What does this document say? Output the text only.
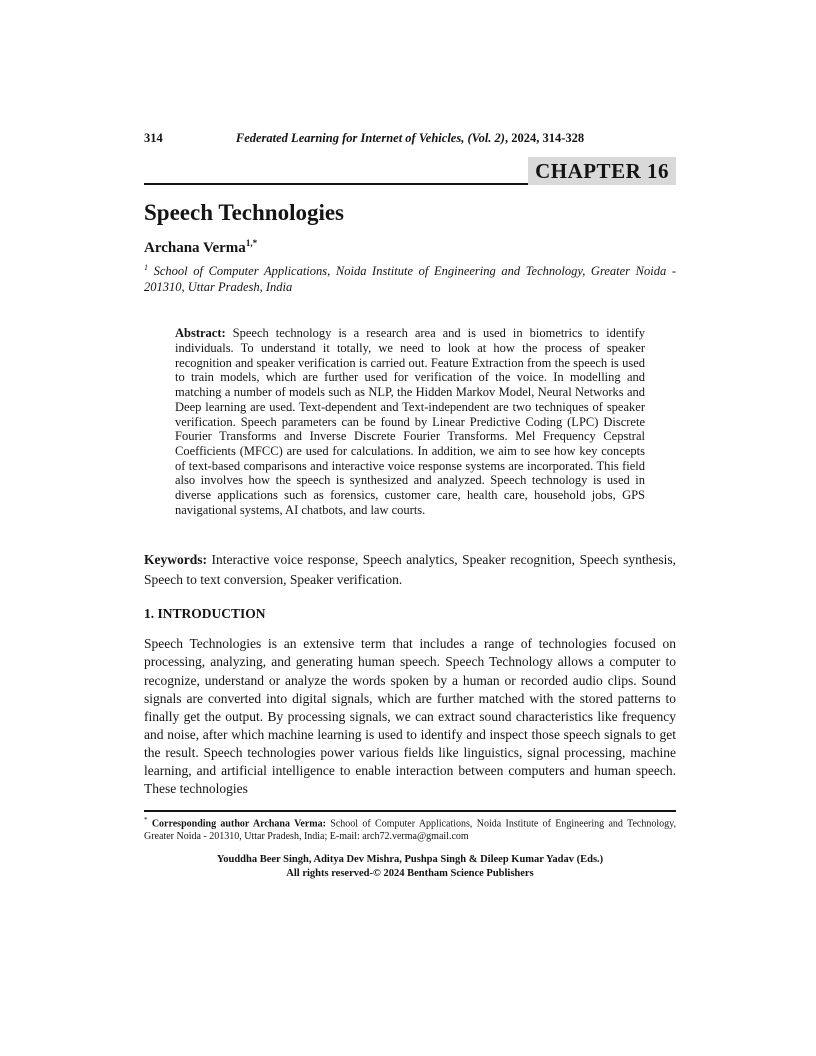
314	Federated Learning for Internet of Vehicles, (Vol. 2), 2024, 314-328
CHAPTER 16
Speech Technologies
Archana Verma$^{1,*}$
$^1$ School of Computer Applications, Noida Institute of Engineering and Technology, Greater Noida - 201310, Uttar Pradesh, India

Abstract: Speech technology is a research area and is used in biometrics to identify individuals. To understand it totally, we need to look at how the process of speaker recognition and speaker verification is carried out. Feature Extraction from the speech is used to train models, which are further used for verification of the voice. In modelling and matching a number of models such as NLP, the Hidden Markov Model, Neural Networks and Deep learning are used. Text-dependent and Text-independent are two techniques of speaker verification. Speech parameters can be found by Linear Predictive Coding (LPC) Discrete Fourier Transforms and Inverse Discrete Fourier Transforms. Mel Frequency Cepstral Coefficients (MFCC) are used for calculations. In addition, we aim to see how key concepts of text-based comparisons and interactive voice response systems are incorporated. This field also involves how the speech is synthesized and analyzed. Speech technology is used in diverse applications such as forensics, customer care, health care, household jobs, GPS navigational systems, AI chatbots, and law courts.

Keywords: Interactive voice response, Speech analytics, Speaker recognition, Speech synthesis, Speech to text conversion, Speaker verification.

1. INTRODUCTION

Speech Technologies is an extensive term that includes a range of technologies focused on processing, analyzing, and generating human speech. Speech Technology allows a computer to recognize, understand or analyze the words spoken by a human or recorded audio clips. Sound signals are converted into digital signals, which are further matched with the stored patterns to finally get the output. By processing signals, we can extract sound characteristics like frequency and noise, after which machine learning is used to identify and inspect those speech signals to get the result. Speech technologies power various fields like linguistics, signal processing, machine learning, and artificial intelligence to enable interaction between computers and human speech. These technologies

* Corresponding author Archana Verma: School of Computer Applications, Noida Institute of Engineering and Technology, Greater Noida - 201310, Uttar Pradesh, India; E-mail: arch72.verma@gmail.com
Youddha Beer Singh, Aditya Dev Mishra, Pushpa Singh & Dileep Kumar Yadav (Eds.)
All rights reserved-© 2024 Bentham Science Publishers
